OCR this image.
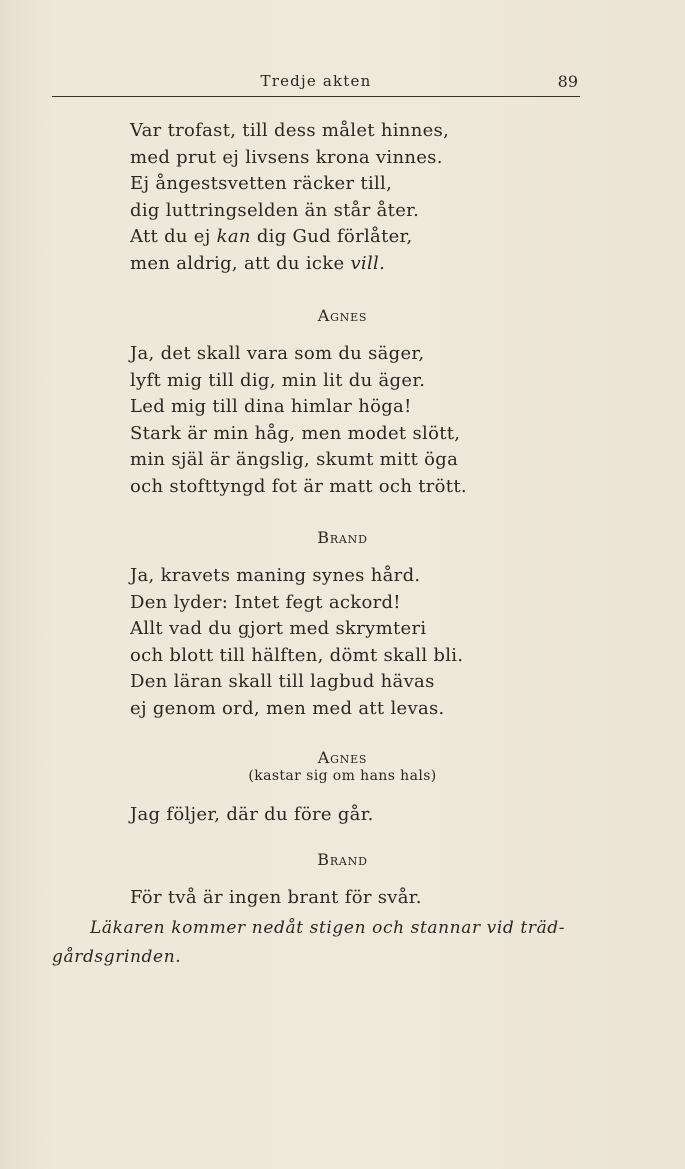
Tredje akten	89
Var trofast, till dess målet hinnes,
med prut ej livsens krona vinnes.
Ej ångestsvetten räcker till,
dig luttringselden än står åter.
Att du ej kan dig Gud förlåter,
men aldrig, att du icke vill.
Agnes
Ja, det skall vara som du säger,
lyft mig till dig, min lit du äger.
Led mig till dina himlar höga!
Stark är min håg, men modet slött,
min själ är ängslig, skumt mitt öga
och stofttyngd fot är matt och trött.
Brand
Ja, kravets maning synes hård.
Den lyder: Intet fegt ackord!
Allt vad du gjort med skrymteri
och blott till hälften, dömt skall bli.
Den läran skall till lagbud hävas
ej genom ord, men med att levas.
Agnes
(kastar sig om hans hals)
Jag följer, där du före går.
Brand
För två är ingen brant för svår.
Läkaren kommer nedåt stigen och stannar vid träd-
gårdsgrinden.
